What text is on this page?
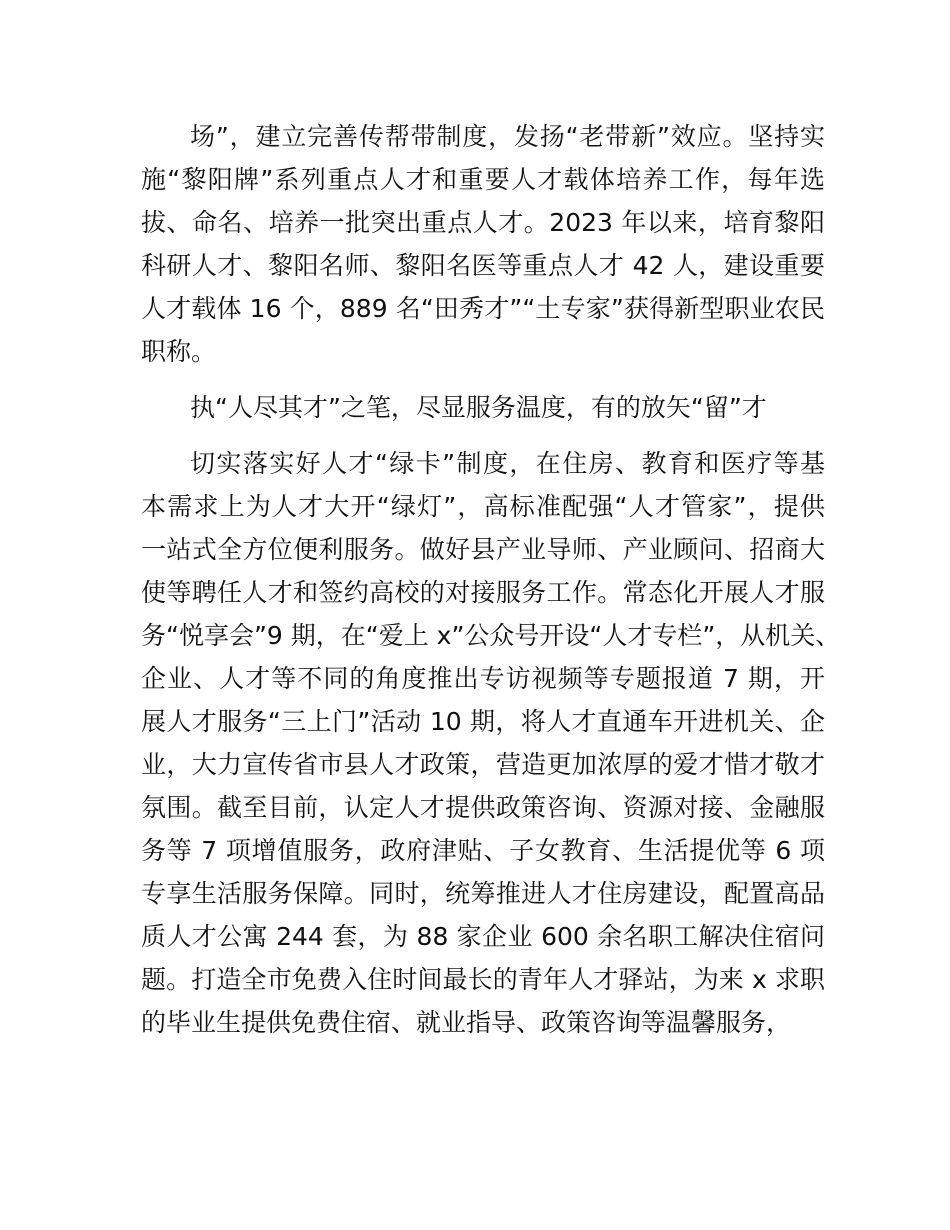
场”，建立完善传帮带制度，发扬“老带新”效应。坚持实
施“黎阳牌”系列重点人才和重要人才载体培养工作，每年选
拔、命名、培养一批突出重点人才。2023 年以来，培育黎阳
科研人才、黎阳名师、黎阳名医等重点人才 42 人，建设重要
人才载体 16 个，889 名“田秀才”“土专家”获得新型职业农民
职称。
执“人尽其才”之笔，尽显服务温度，有的放矢“留”才
切实落实好人才“绿卡”制度，在住房、教育和医疗等基
本需求上为人才大开“绿灯”，高标准配强“人才管家”，提供
一站式全方位便利服务。做好县产业导师、产业顾问、招商大
使等聘任人才和签约高校的对接服务工作。常态化开展人才服
务“悦享会”9 期，在“爱上 x”公众号开设“人才专栏”，从机关、
企业、人才等不同的角度推出专访视频等专题报道 7 期，开
展人才服务“三上门”活动 10 期，将人才直通车开进机关、企
业，大力宣传省市县人才政策，营造更加浓厚的爱才惜才敬才
氛围。截至目前，认定人才提供政策咨询、资源对接、金融服
务等 7 项增值服务，政府津贴、子女教育、生活提优等 6 项
专享生活服务保障。同时，统筹推进人才住房建设，配置高品
质人才公寓 244 套，为 88 家企业 600 余名职工解决住宿问
题。打造全市免费入住时间最长的青年人才驿站，为来 x 求职
的毕业生提供免费住宿、就业指导、政策咨询等温馨服务，
